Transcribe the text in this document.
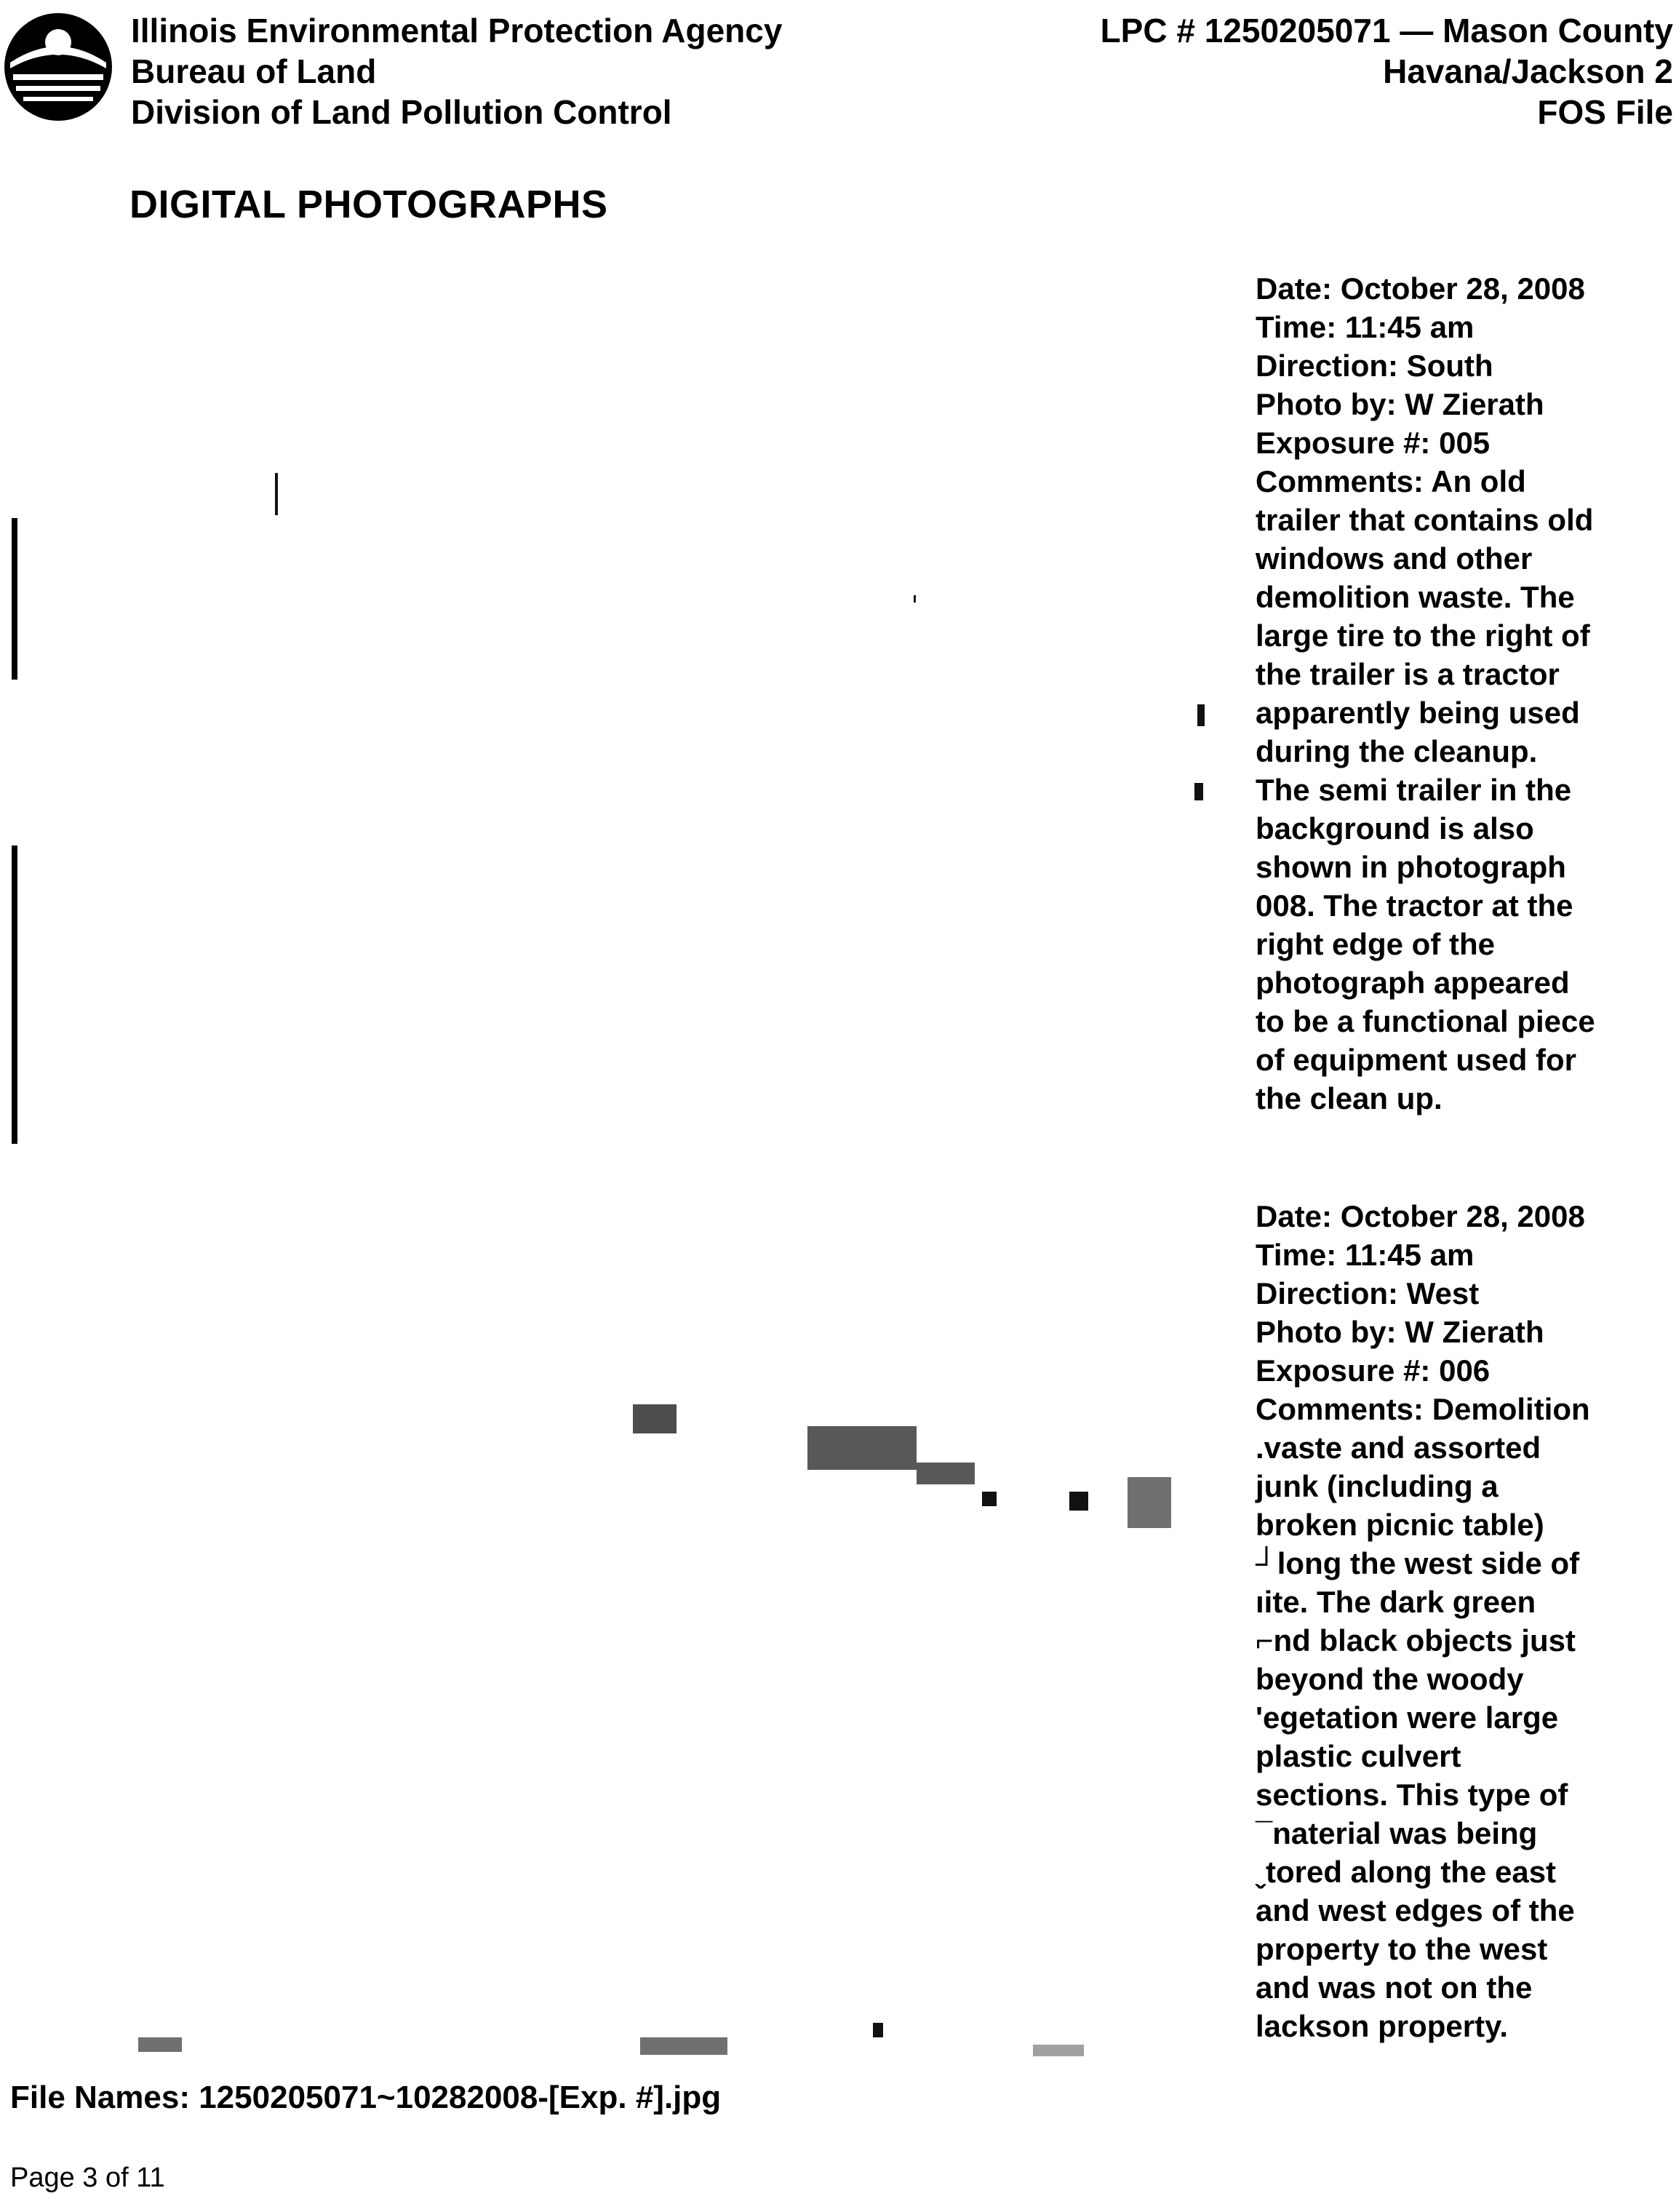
Illinois Environmental Protection Agency
Bureau of Land
Division of Land Pollution Control
LPC # 1250205071 — Mason County
Havana/Jackson 2
FOS File
DIGITAL PHOTOGRAPHS
Date: October 28, 2008
Time: 11:45 am
Direction: South
Photo by: W Zierath
Exposure #: 005
Comments: An old
trailer that contains old
windows and other
demolition waste. The
large tire to the right of
the trailer is a tractor
apparently being used
during the cleanup.
The semi trailer in the
background is also
shown in photograph
008. The tractor at the
right edge of the
photograph appeared
to be a functional piece
of equipment used for
the clean up.
Date: October 28, 2008
Time: 11:45 am
Direction: West
Photo by: W Zierath
Exposure #: 006
Comments: Demolition
.vaste and assorted
junk (including a
broken picnic table)
┘long the west side of
ıite. The dark green
⌐nd black objects just
beyond the woody
ʹegetation were large
plastic culvert
sections. This type of
¯naterial was being
ˬtored along the east
and west edges of the
property to the west
and was not on the
lackson property.
File Names: 1250205071~10282008-[Exp. #].jpg
Page 3 of 11
